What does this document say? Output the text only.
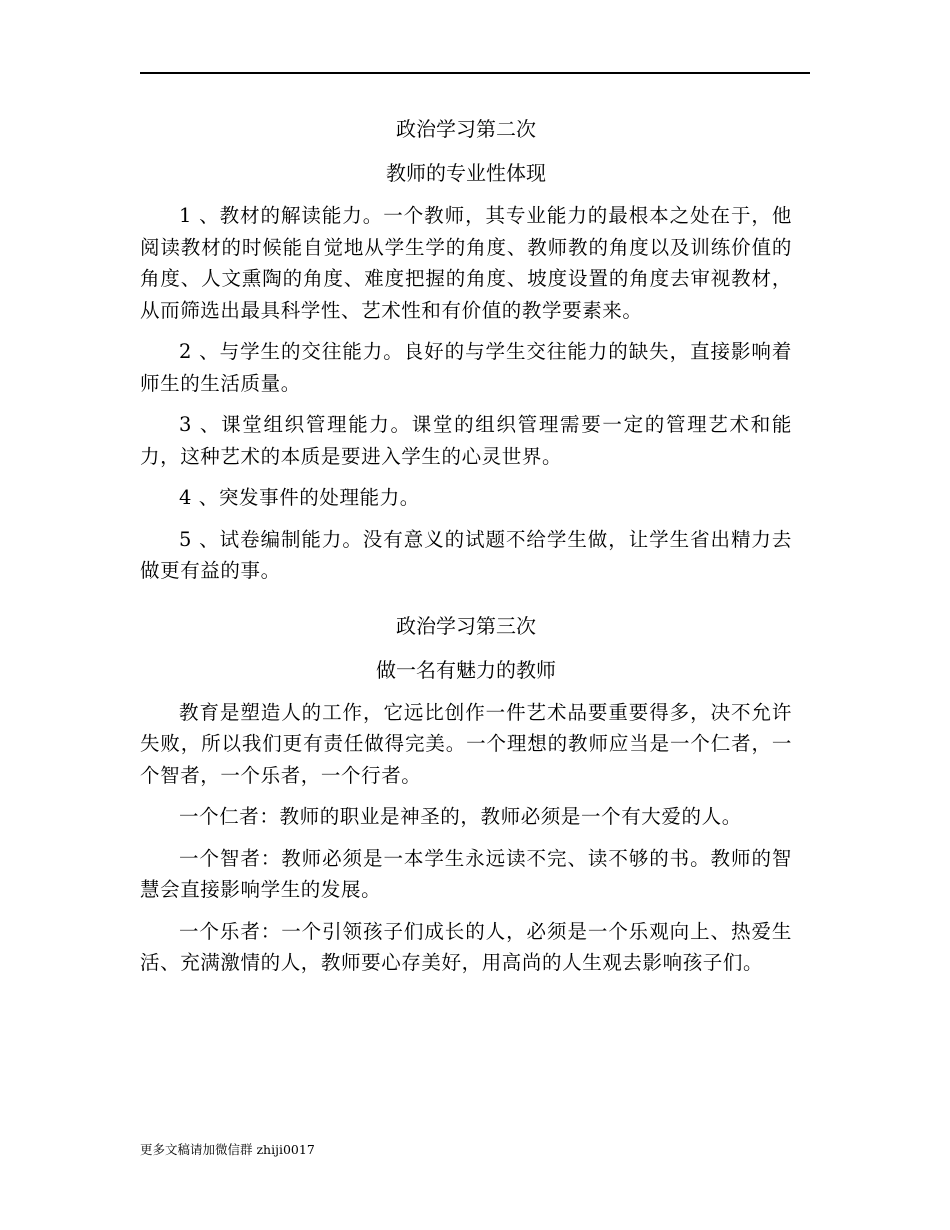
政治学习第二次
教师的专业性体现

1 、教材的解读能力。一个教师，其专业能力的最根本之处在于，他阅读教材的时候能自觉地从学生学的角度、教师教的角度以及训练价值的角度、人文熏陶的角度、难度把握的角度、坡度设置的角度去审视教材，从而筛选出最具科学性、艺术性和有价值的教学要素来。

2 、与学生的交往能力。良好的与学生交往能力的缺失，直接影响着师生的生活质量。

3 、课堂组织管理能力。课堂的组织管理需要一定的管理艺术和能力，这种艺术的本质是要进入学生的心灵世界。

4 、突发事件的处理能力。

5 、试卷编制能力。没有意义的试题不给学生做，让学生省出精力去做更有益的事。

政治学习第三次
做一名有魅力的教师

教育是塑造人的工作，它远比创作一件艺术品要重要得多，决不允许失败，所以我们更有责任做得完美。一个理想的教师应当是一个仁者，一个智者，一个乐者，一个行者。

一个仁者：教师的职业是神圣的，教师必须是一个有大爱的人。

一个智者：教师必须是一本学生永远读不完、读不够的书。教师的智慧会直接影响学生的发展。

一个乐者：一个引领孩子们成长的人，必须是一个乐观向上、热爱生活、充满激情的人，教师要心存美好，用高尚的人生观去影响孩子们。

更多文稿请加微信群 zhiji0017
